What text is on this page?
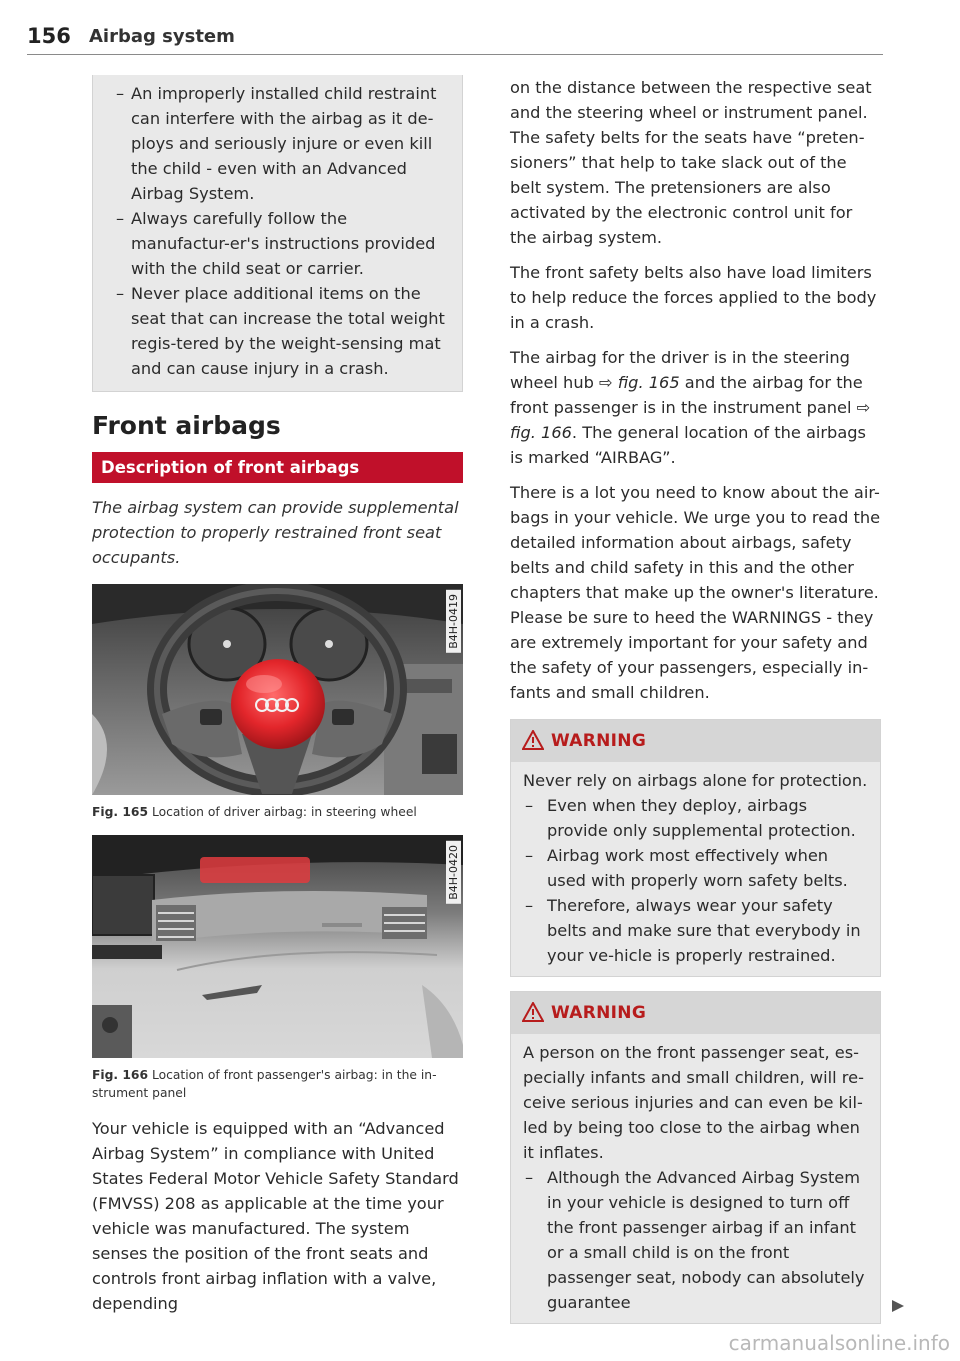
156 Airbag system

– An improperly installed child restraint can interfere with the airbag as it de-ploys and seriously injure or even kill the child - even with an Advanced Airbag System.

– Always carefully follow the manufactur-er's instructions provided with the child seat or carrier.

– Never place additional items on the seat that can increase the total weight regis-tered by the weight-sensing mat and can cause injury in a crash.

Front airbags
Description of front airbags

The airbag system can provide supplemental protection to properly restrained front seat occupants.

B4H-0419
Fig. 165 Location of driver airbag: in steering wheel
B4H-0420
Fig. 166 Location of front passenger's airbag: in the in-strument panel

Your vehicle is equipped with an “Advanced Airbag System” in compliance with United States Federal Motor Vehicle Safety Standard (FMVSS) 208 as applicable at the time your vehicle was manufactured. The system senses the position of the front seats and controls front airbag inflation with a valve, depending

on the distance between the respective seat and the steering wheel or instrument panel. The safety belts for the seats have “preten-sioners” that help to take slack out of the belt system. The pretensioners are also activated by the electronic control unit for the airbag system.

The front safety belts also have load limiters to help reduce the forces applied to the body in a crash.

The airbag for the driver is in the steering wheel hub ⇨ fig. 165 and the airbag for the front passenger is in the instrument panel ⇨ fig. 166. The general location of the airbags is marked “AIRBAG”.

There is a lot you need to know about the air-bags in your vehicle. We urge you to read the detailed information about airbags, safety belts and child safety in this and the other chapters that make up the owner's literature. Please be sure to heed the WARNINGS - they are extremely important for your safety and the safety of your passengers, especially in-fants and small children.

WARNING

Never rely on airbags alone for protection.

– Even when they deploy, airbags provide only supplemental protection.

– Airbag work most effectively when used with properly worn safety belts.

– Therefore, always wear your safety belts and make sure that everybody in your ve-hicle is properly restrained.

WARNING

A person on the front passenger seat, es-pecially infants and small children, will re-ceive serious injuries and can even be kil-led by being too close to the airbag when it inflates.

– Although the Advanced Airbag System in your vehicle is designed to turn off the front passenger airbag if an infant or a small child is on the front passenger seat, nobody can absolutely guarantee

carmanualsonline.info
